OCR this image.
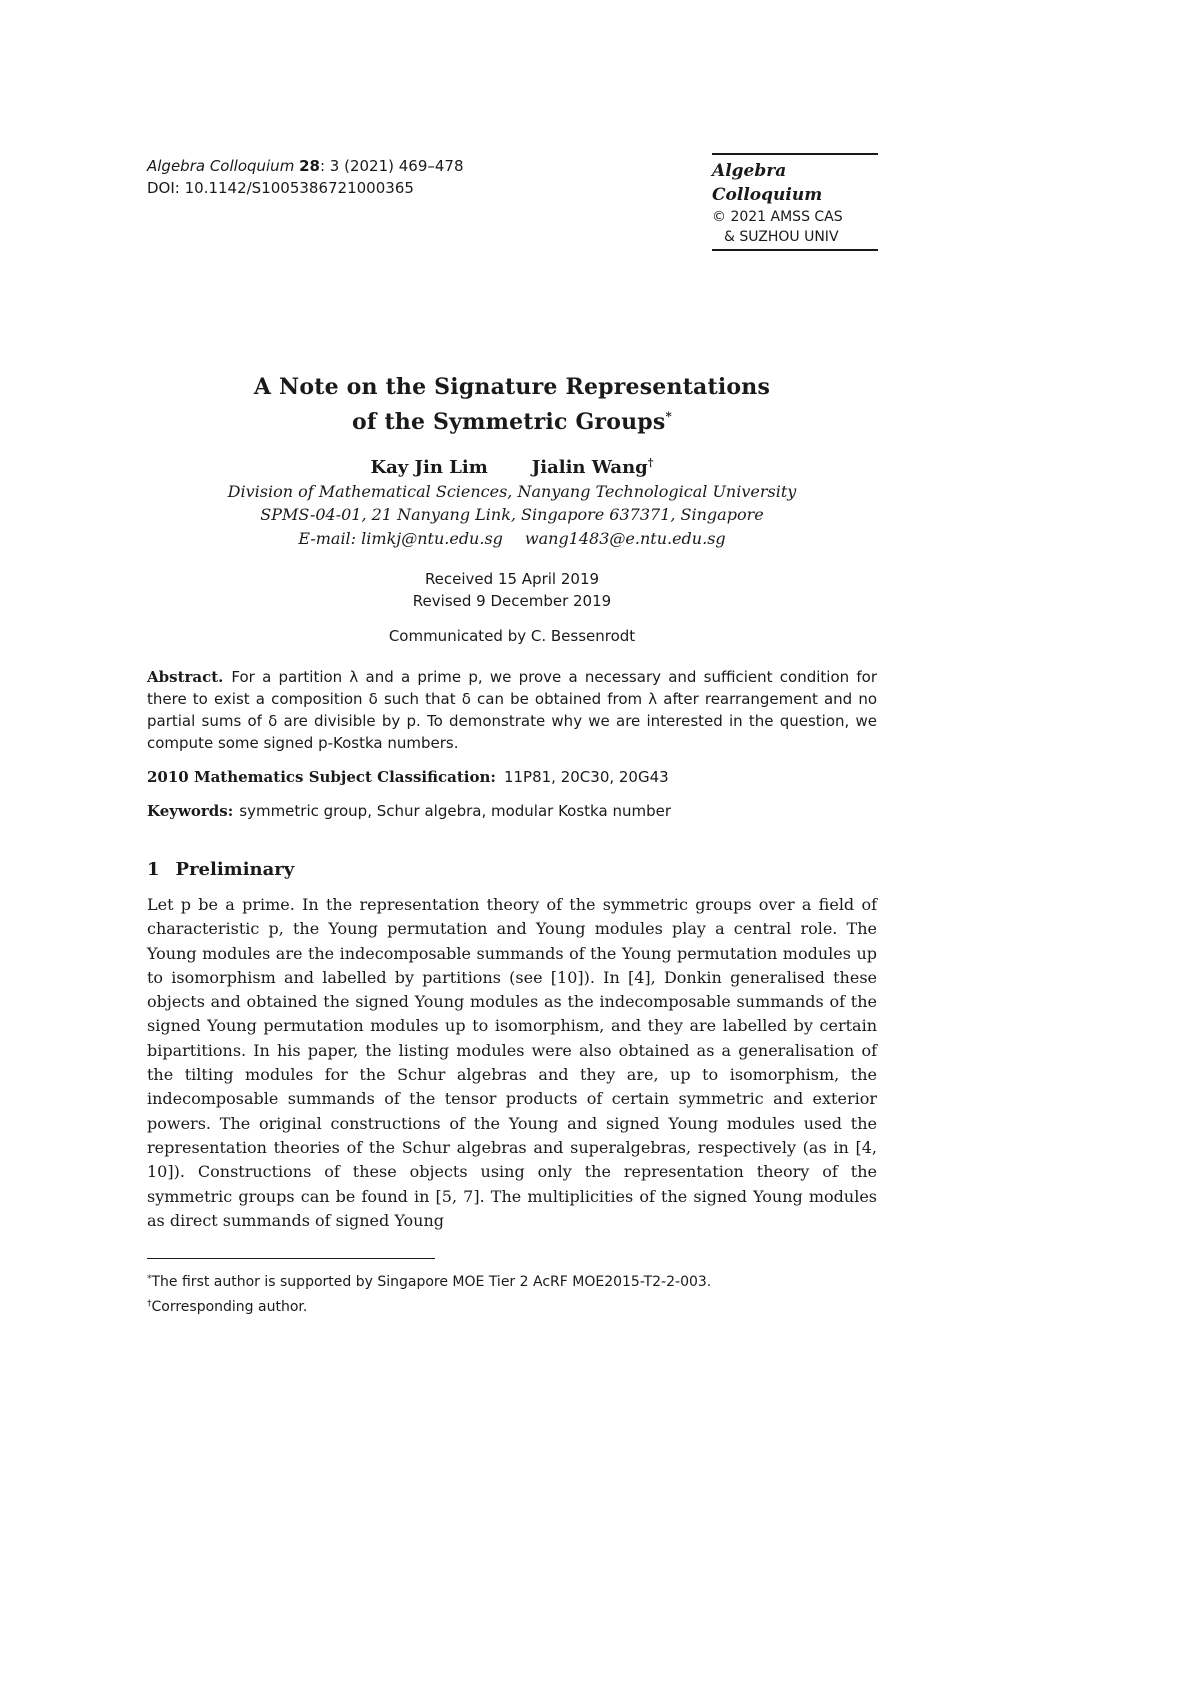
Algebra Colloquium 28: 3 (2021) 469–478
DOI: 10.1142/S1005386721000365
Algebra
Colloquium
© 2021 AMSS CAS
& SUZHOU UNIV
A Note on the Signature Representations
of the Symmetric Groups*
Kay Jin Lim Jialin Wang†
Division of Mathematical Sciences, Nanyang Technological University
SPMS-04-01, 21 Nanyang Link, Singapore 637371, Singapore
E-mail: limkj@ntu.edu.sg wang1483@e.ntu.edu.sg
Received 15 April 2019
Revised 9 December 2019
Communicated by C. Bessenrodt
Abstract. For a partition λ and a prime p, we prove a necessary and sufficient condition for there to exist a composition δ such that δ can be obtained from λ after rearrangement and no partial sums of δ are divisible by p. To demonstrate why we are interested in the question, we compute some signed p-Kostka numbers.
2010 Mathematics Subject Classification: 11P81, 20C30, 20G43
Keywords: symmetric group, Schur algebra, modular Kostka number
1 Preliminary
Let p be a prime. In the representation theory of the symmetric groups over a field of characteristic p, the Young permutation and Young modules play a central role. The Young modules are the indecomposable summands of the Young permutation modules up to isomorphism and labelled by partitions (see [10]). In [4], Donkin generalised these objects and obtained the signed Young modules as the indecomposable summands of the signed Young permutation modules up to isomorphism, and they are labelled by certain bipartitions. In his paper, the listing modules were also obtained as a generalisation of the tilting modules for the Schur algebras and they are, up to isomorphism, the indecomposable summands of the tensor products of certain symmetric and exterior powers. The original constructions of the Young and signed Young modules used the representation theories of the Schur algebras and superalgebras, respectively (as in [4, 10]). Constructions of these objects using only the representation theory of the symmetric groups can be found in [5, 7]. The multiplicities of the signed Young modules as direct summands of signed Young
*The first author is supported by Singapore MOE Tier 2 AcRF MOE2015-T2-2-003.
†Corresponding author.
